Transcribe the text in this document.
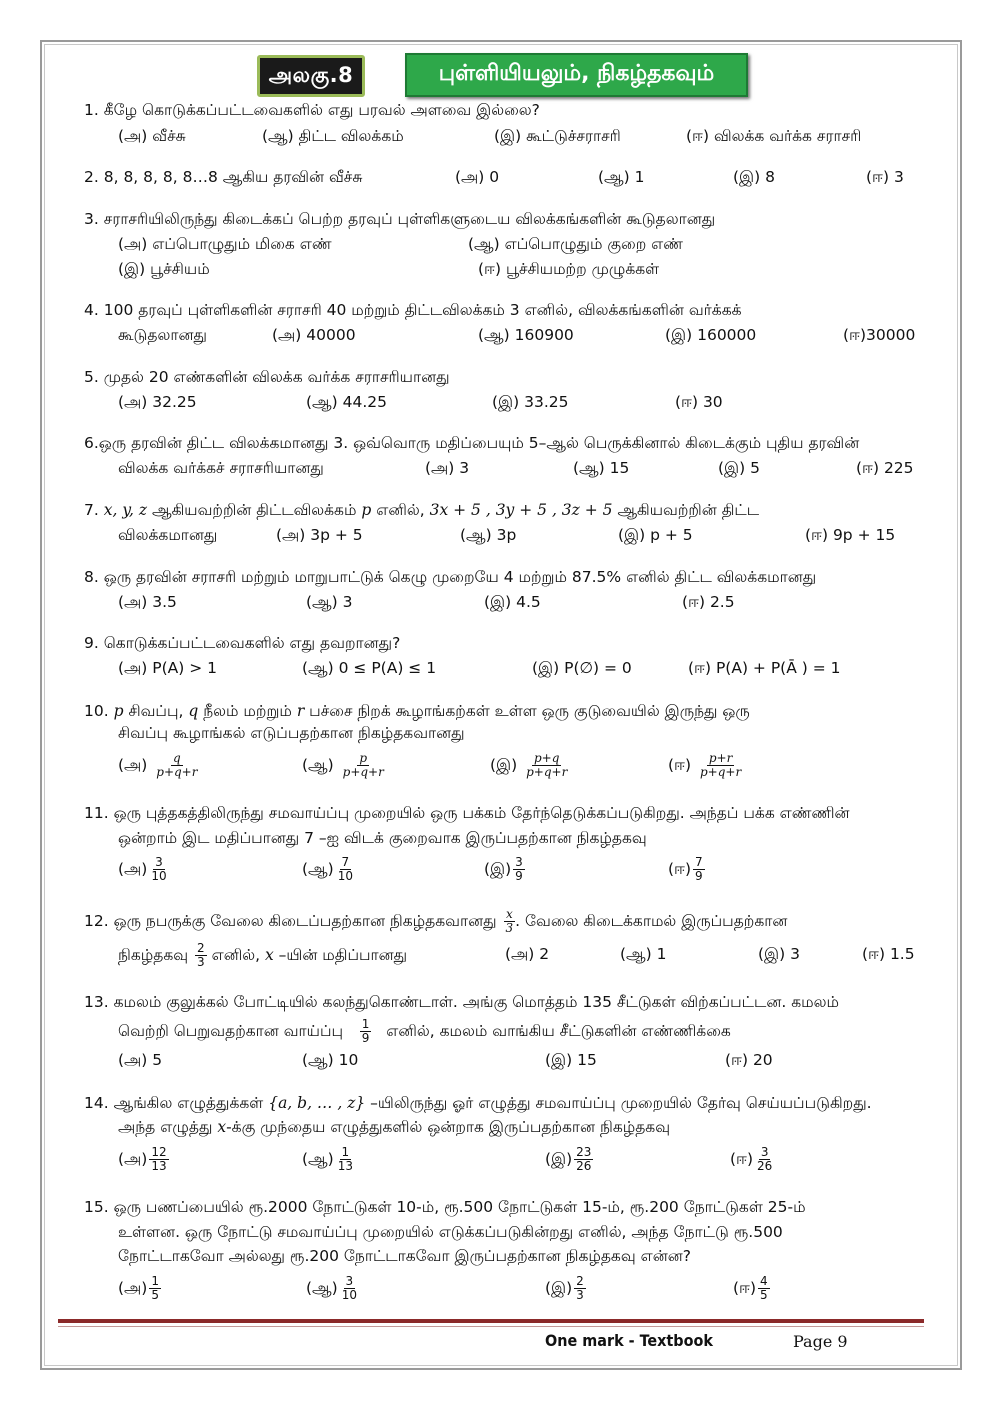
அலகு.8	புள்ளியியலும், நிகழ்தகவும்
1. கீழே கொடுக்கப்பட்டவைகளில் எது பரவல் அளவை இல்லை?
(அ) வீச்சு	(ஆ) திட்ட விலக்கம்	(இ) கூட்டுச்சராசரி	(ஈ) விலக்க வர்க்க சராசரி
2. 8, 8, 8, 8, 8…8 ஆகிய தரவின் வீச்சு	(அ) 0	(ஆ) 1	(இ) 8	(ஈ) 3
3. சராசரியிலிருந்து கிடைக்கப் பெற்ற தரவுப் புள்ளிகளுடைய விலக்கங்களின் கூடுதலானது
(அ) எப்பொழுதும் மிகை எண்	(ஆ) எப்பொழுதும் குறை எண்
(இ) பூச்சியம்	(ஈ) பூச்சியமற்ற முழுக்கள்
4. 100 தரவுப் புள்ளிகளின் சராசரி 40 மற்றும் திட்டவிலக்கம் 3 எனில், விலக்கங்களின் வர்க்கக்
கூடுதலானது	(அ) 40000	(ஆ) 160900	(இ) 160000	(ஈ)30000
5. முதல் 20 எண்களின் விலக்க வர்க்க சராசரியானது
(அ) 32.25	(ஆ) 44.25	(இ) 33.25	(ஈ) 30
6.ஒரு தரவின் திட்ட விலக்கமானது 3. ஒவ்வொரு மதிப்பையும் 5–ஆல் பெருக்கினால் கிடைக்கும் புதிய தரவின்
விலக்க வர்க்கச் சராசரியானது	(அ) 3	(ஆ) 15	(இ) 5	(ஈ) 225
7. x, y, z ஆகியவற்றின் திட்டவிலக்கம் p எனில், 3x + 5 , 3y + 5 , 3z + 5 ஆகியவற்றின் திட்ட
விலக்கமானது	(அ) 3p + 5	(ஆ) 3p	(இ) p + 5	(ஈ) 9p + 15
8. ஒரு தரவின் சராசரி மற்றும் மாறுபாட்டுக் கெழு முறையே 4 மற்றும் 87.5% எனில் திட்ட விலக்கமானது
(அ) 3.5	(ஆ) 3	(இ) 4.5	(ஈ) 2.5
9. கொடுக்கப்பட்டவைகளில் எது தவறானது?
(அ) P(A) > 1	(ஆ) 0 ≤ P(A) ≤ 1	(இ) P(∅) = 0	(ஈ) P(A) + P(Ā ) = 1
10. p சிவப்பு, q நீலம் மற்றும் r பச்சை நிறக் கூழாங்கற்கள் உள்ள ஒரு குடுவையில் இருந்து ஒரு
சிவப்பு கூழாங்கல் எடுப்பதற்கான நிகழ்தகவானது
(அ) $\frac{q}{p+q+r}$	(ஆ) $\frac{p}{p+q+r}$	(இ) $\frac{p+q}{p+q+r}$	(ஈ) $\frac{p+r}{p+q+r}$
11. ஒரு புத்தகத்திலிருந்து சமவாய்ப்பு முறையில் ஒரு பக்கம் தேர்ந்தெடுக்கப்படுகிறது. அந்தப் பக்க எண்ணின்
ஒன்றாம் இட மதிப்பானது 7 –ஐ விடக் குறைவாக இருப்பதற்கான நிகழ்தகவு
(அ) $\frac{3}{10}$	(ஆ) $\frac{7}{10}$	(இ) $\frac{3}{9}$	(ஈ) $\frac{7}{9}$
12. ஒரு நபருக்கு வேலை கிடைப்பதற்கான நிகழ்தகவானது $\frac{x}{3}$ . வேலை கிடைக்காமல் இருப்பதற்கான
நிகழ்தகவு $\frac{2}{3}$ எனில், x –யின் மதிப்பானது	(அ) 2	(ஆ) 1	(இ) 3	(ஈ) 1.5
13. கமலம் குலுக்கல் போட்டியில் கலந்துகொண்டாள். அங்கு மொத்தம் 135 சீட்டுகள் விற்கப்பட்டன. கமலம்
வெற்றி பெறுவதற்கான வாய்ப்பு $\frac{1}{9}$ எனில், கமலம் வாங்கிய சீட்டுகளின் எண்ணிக்கை
(அ) 5	(ஆ) 10	(இ) 15	(ஈ) 20
14. ஆங்கில எழுத்துக்கள் {a, b, … , z} –யிலிருந்து ஓர் எழுத்து சமவாய்ப்பு முறையில் தேர்வு செய்யப்படுகிறது.
அந்த எழுத்து x-க்கு முந்தைய எழுத்துகளில் ஒன்றாக இருப்பதற்கான நிகழ்தகவு
(அ) $\frac{12}{13}$	(ஆ) $\frac{1}{13}$	(இ) $\frac{23}{26}$	(ஈ) $\frac{3}{26}$
15. ஒரு பணப்பையில் ரூ.2000 நோட்டுகள் 10-ம், ரூ.500 நோட்டுகள் 15-ம், ரூ.200 நோட்டுகள் 25-ம்
உள்ளன. ஒரு நோட்டு சமவாய்ப்பு முறையில் எடுக்கப்படுகின்றது எனில், அந்த நோட்டு ரூ.500
நோட்டாகவோ அல்லது ரூ.200 நோட்டாகவோ இருப்பதற்கான நிகழ்தகவு என்ன?
(அ) $\frac{1}{5}$	(ஆ) $\frac{3}{10}$	(இ) $\frac{2}{3}$	(ஈ) $\frac{4}{5}$
One mark - Textbook	Page 9
